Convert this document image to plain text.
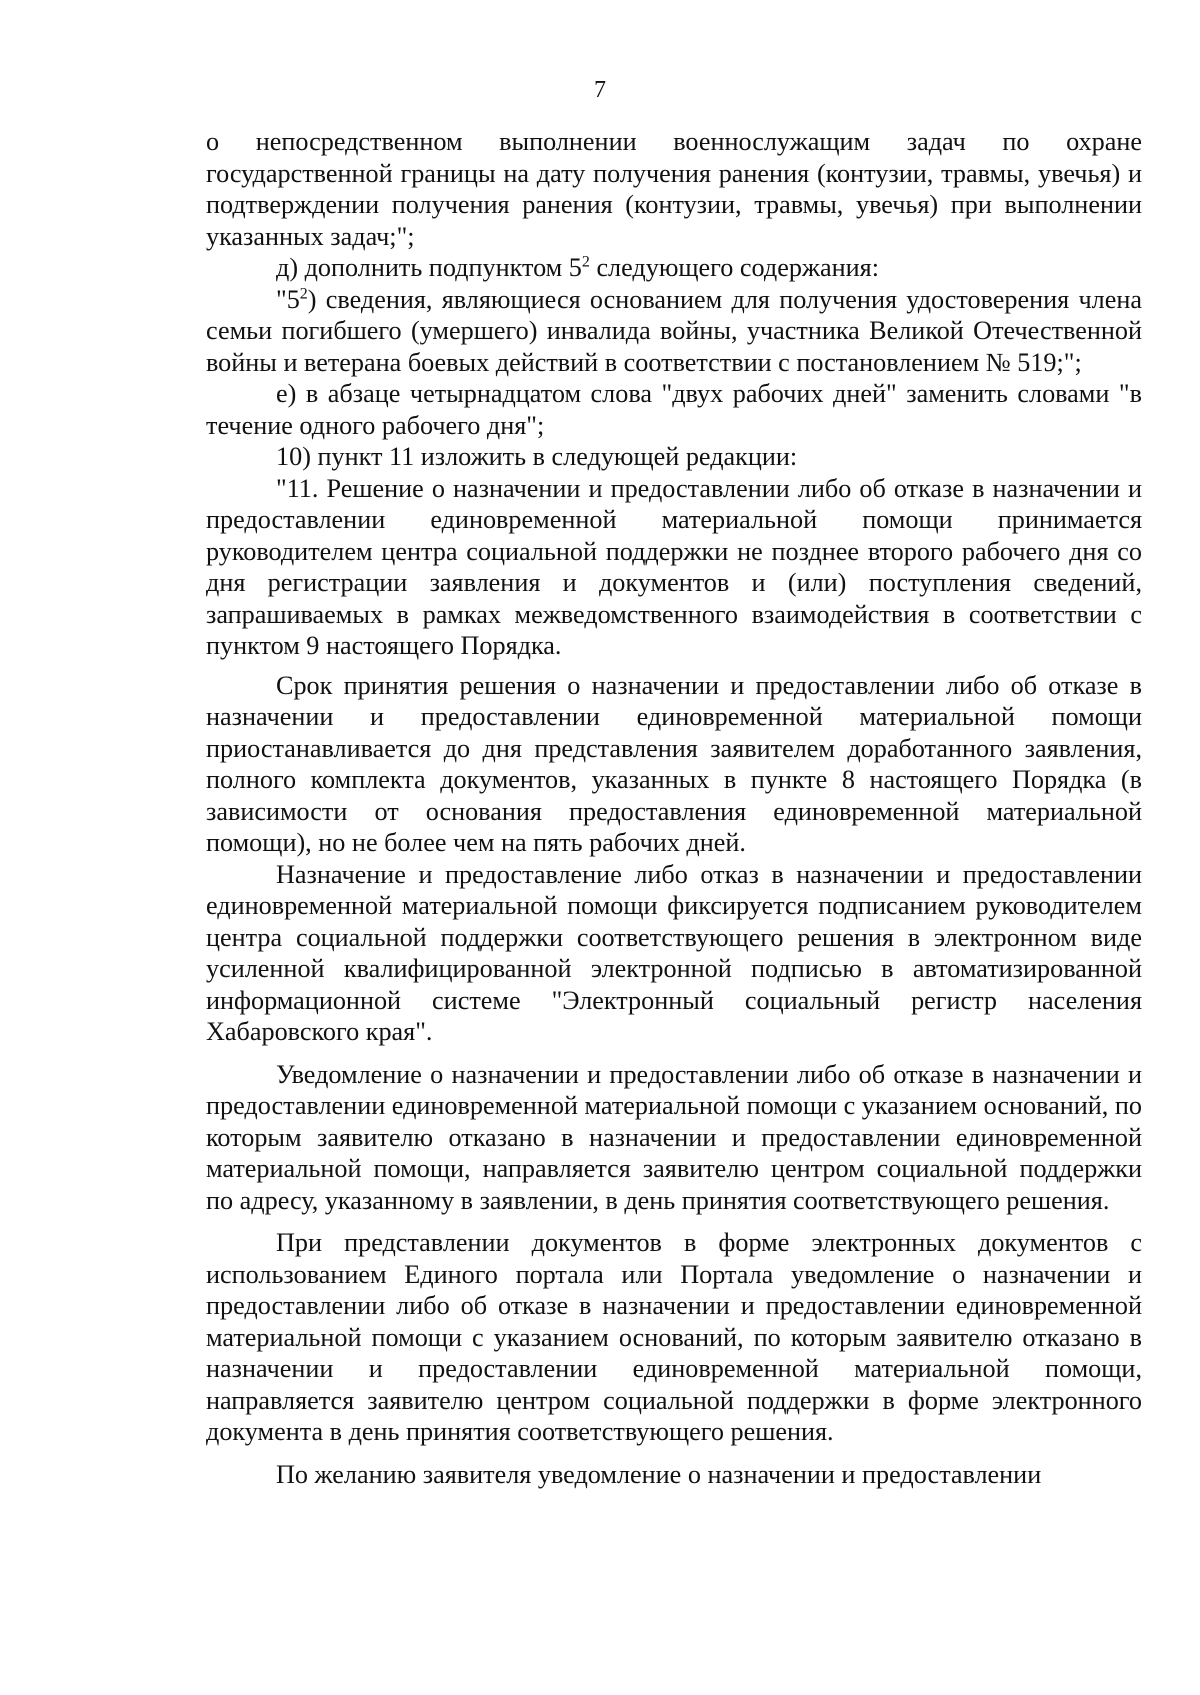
7

о непосредственном выполнении военнослужащим задач по охране государственной границы на дату получения ранения (контузии, травмы, увечья) и подтверждении получения ранения (контузии, травмы, увечья) при выполнении указанных задач;";

д) дополнить подпунктом $5^2$ следующего содержания:

"$5^2$) сведения, являющиеся основанием для получения удостоверения члена семьи погибшего (умершего) инвалида войны, участника Великой Отечественной войны и ветерана боевых действий в соответствии с постановлением № 519;";

е) в абзаце четырнадцатом слова "двух рабочих дней" заменить словами "в течение одного рабочего дня";

10) пункт 11 изложить в следующей редакции:

"11. Решение о назначении и предоставлении либо об отказе в назначении и предоставлении единовременной материальной помощи принимается руководителем центра социальной поддержки не позднее второго рабочего дня со дня регистрации заявления и документов и (или) поступления сведений, запрашиваемых в рамках межведомственного взаимодействия в соответствии с пунктом 9 настоящего Порядка.

Срок принятия решения о назначении и предоставлении либо об отказе в назначении и предоставлении единовременной материальной помощи приостанавливается до дня представления заявителем доработанного заявления, полного комплекта документов, указанных в пункте 8 настоящего Порядка (в зависимости от основания предоставления единовременной материальной помощи), но не более чем на пять рабочих дней.

Назначение и предоставление либо отказ в назначении и предоставлении единовременной материальной помощи фиксируется подписанием руководителем центра социальной поддержки соответствующего решения в электронном виде усиленной квалифицированной электронной подписью в автоматизированной информационной системе "Электронный социальный регистр населения Хабаровского края".

Уведомление о назначении и предоставлении либо об отказе в назначении и предоставлении единовременной материальной помощи с указанием оснований, по которым заявителю отказано в назначении и предоставлении единовременной материальной помощи, направляется заявителю центром социальной поддержки по адресу, указанному в заявлении, в день принятия соответствующего решения.

При представлении документов в форме электронных документов с использованием Единого портала или Портала уведомление о назначении и предоставлении либо об отказе в назначении и предоставлении единовременной материальной помощи с указанием оснований, по которым заявителю отказано в назначении и предоставлении единовременной материальной помощи, направляется заявителю центром социальной поддержки в форме электронного документа в день принятия соответствующего решения.

По желанию заявителя уведомление о назначении и предоставлении
